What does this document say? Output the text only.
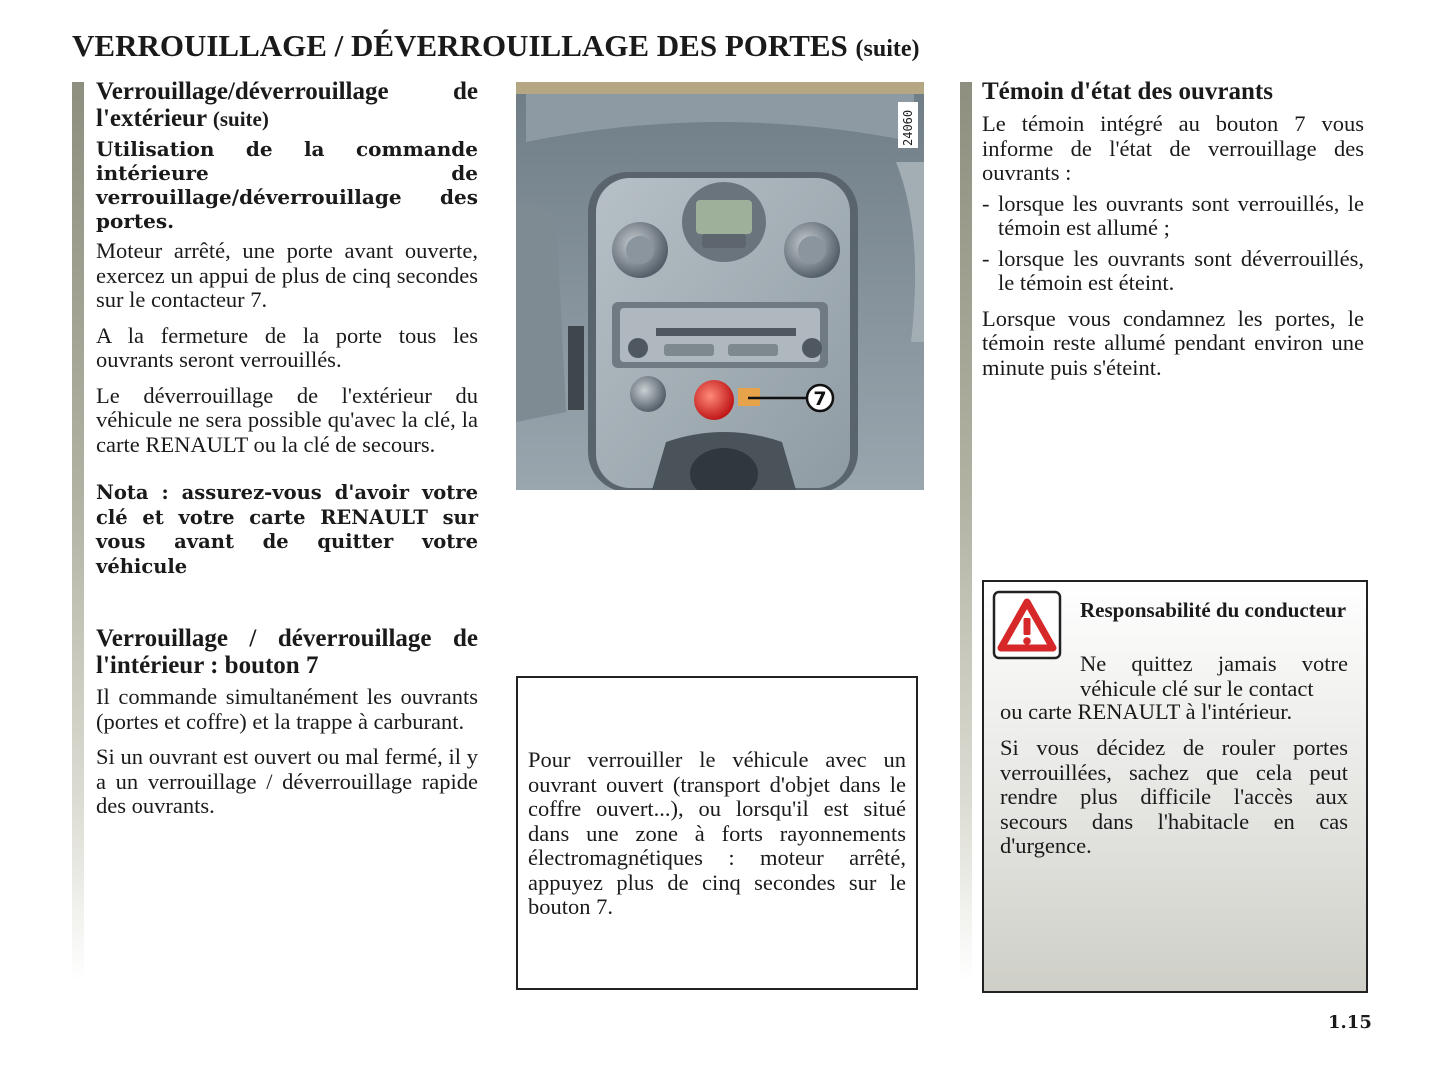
VERROUILLAGE / DÉVERROUILLAGE DES PORTES (suite)
Verrouillage/déverrouillage de l'extérieur (suite)
Utilisation de la commande intérieure de verrouillage/déverrouillage des portes.

Moteur arrêté, une porte avant ouverte, exercez un appui de plus de cinq secondes sur le contacteur 7.

A la fermeture de la porte tous les ouvrants seront verrouillés.

Le déverrouillage de l'extérieur du véhicule ne sera possible qu'avec la clé, la carte RENAULT ou la clé de secours.

Nota : assurez-vous d'avoir votre clé et votre carte RENAULT sur vous avant de quitter votre véhicule

Verrouillage / déverrouillage de l'intérieur : bouton 7

Il commande simultanément les ouvrants (portes et coffre) et la trappe à carburant.

Si un ouvrant est ouvert ou mal fermé, il y a un verrouillage / déverrouillage rapide des ouvrants.

24060
7

Pour verrouiller le véhicule avec un ouvrant ouvert (transport d'objet dans le coffre ouvert...), ou lorsqu'il est situé dans une zone à forts rayonnements électromagnétiques : moteur arrêté, appuyez plus de cinq secondes sur le bouton 7.

Témoin d'état des ouvrants

Le témoin intégré au bouton 7 vous informe de l'état de verrouillage des ouvrants :

- lorsque les ouvrants sont verrouillés, le témoin est allumé ;
- lorsque les ouvrants sont déverrouillés, le témoin est éteint.

Lorsque vous condamnez les portes, le témoin reste allumé pendant environ une minute puis s'éteint.

Responsabilité du conducteur

Ne quittez jamais votre véhicule clé sur le contact

ou carte RENAULT à l'intérieur.

Si vous décidez de rouler portes verrouillées, sachez que cela peut rendre plus difficile l'accès aux secours dans l'habitacle en cas d'urgence.

1.15
